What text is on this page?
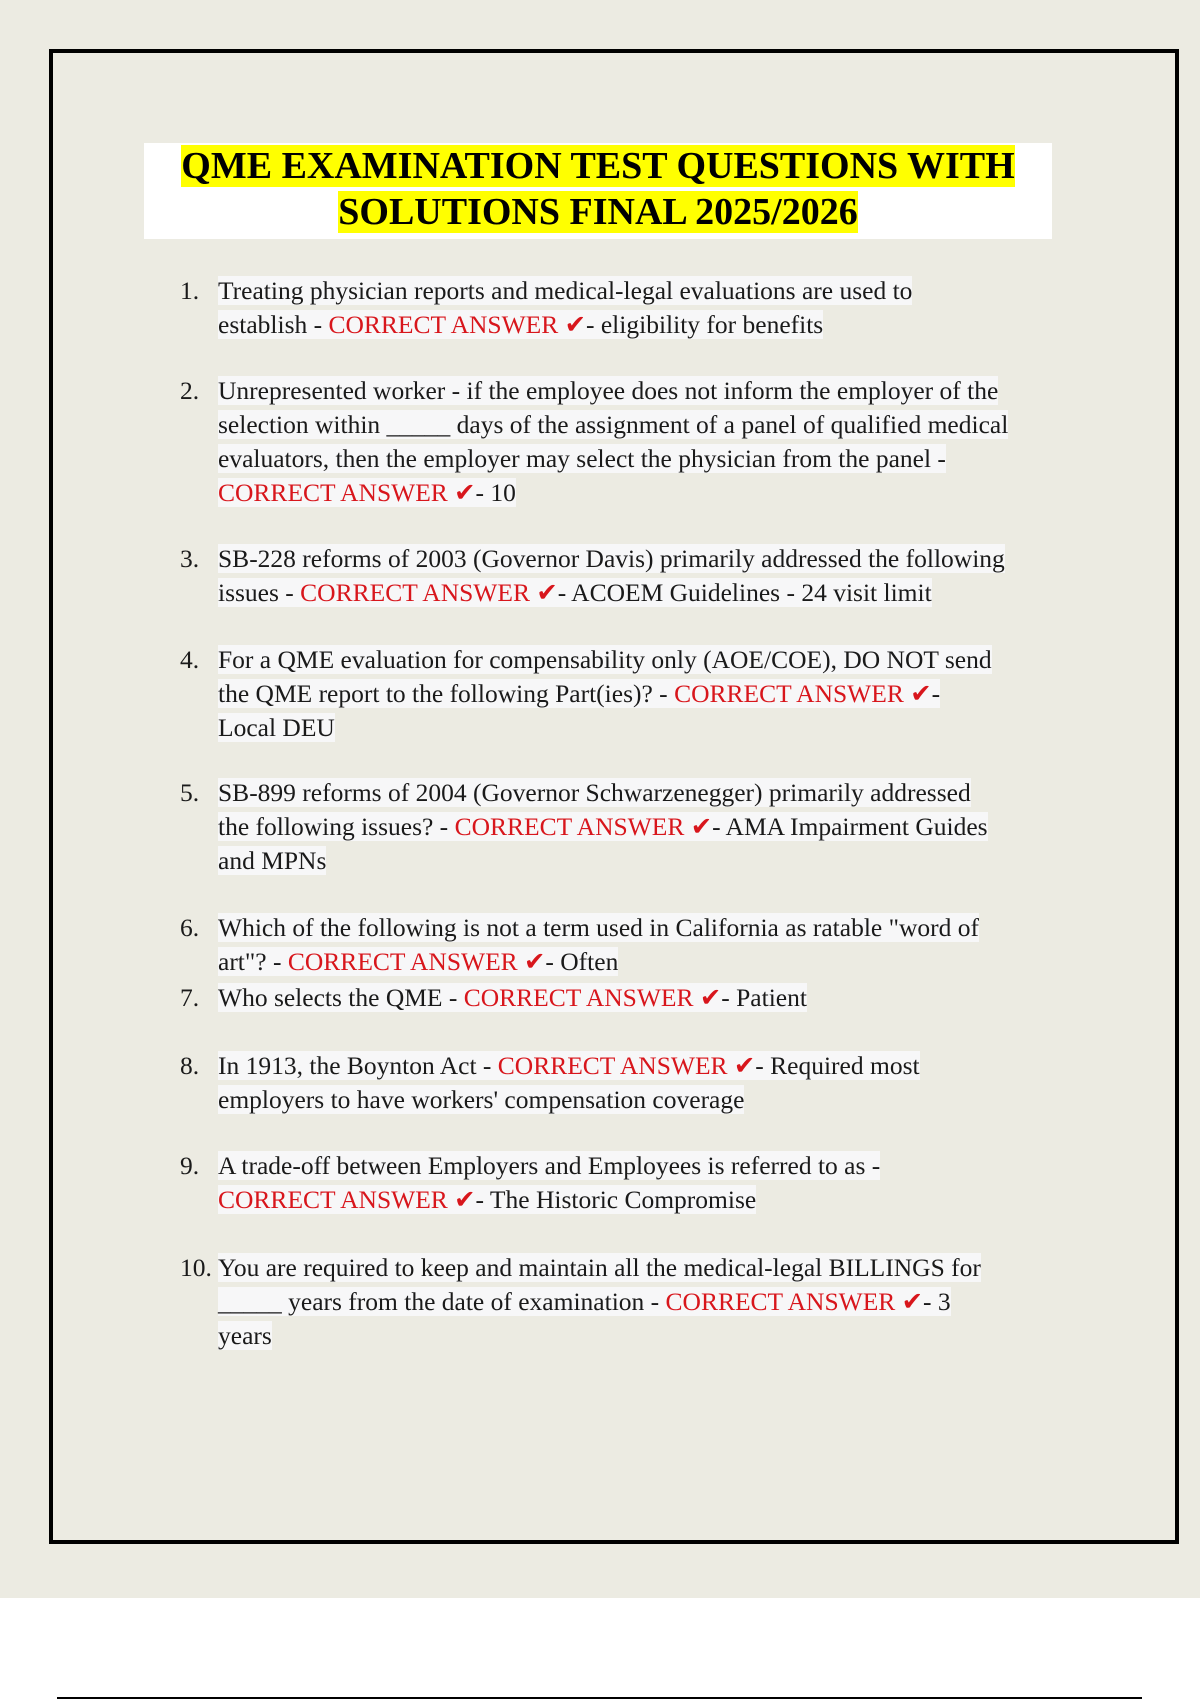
QME EXAMINATION TEST QUESTIONS WITH
SOLUTIONS FINAL 2025/2026
1. Treating physician reports and medical-legal evaluations are used to
establish - CORRECT ANSWER ✔- eligibility for benefits
2. Unrepresented worker - if the employee does not inform the employer of the
selection within _____ days of the assignment of a panel of qualified medical
evaluators, then the employer may select the physician from the panel -
CORRECT ANSWER ✔- 10
3. SB-228 reforms of 2003 (Governor Davis) primarily addressed the following
issues - CORRECT ANSWER ✔- ACOEM Guidelines - 24 visit limit
4. For a QME evaluation for compensability only (AOE/COE), DO NOT send
the QME report to the following Part(ies)? - CORRECT ANSWER ✔-
Local DEU
5. SB-899 reforms of 2004 (Governor Schwarzenegger) primarily addressed
the following issues? - CORRECT ANSWER ✔- AMA Impairment Guides
and MPNs
6. Which of the following is not a term used in California as ratable "word of
art"? - CORRECT ANSWER ✔- Often
7. Who selects the QME - CORRECT ANSWER ✔- Patient
8. In 1913, the Boynton Act - CORRECT ANSWER ✔- Required most
employers to have workers' compensation coverage
9. A trade-off between Employers and Employees is referred to as -
CORRECT ANSWER ✔- The Historic Compromise
10. You are required to keep and maintain all the medical-legal BILLINGS for
_____ years from the date of examination - CORRECT ANSWER ✔- 3
years
